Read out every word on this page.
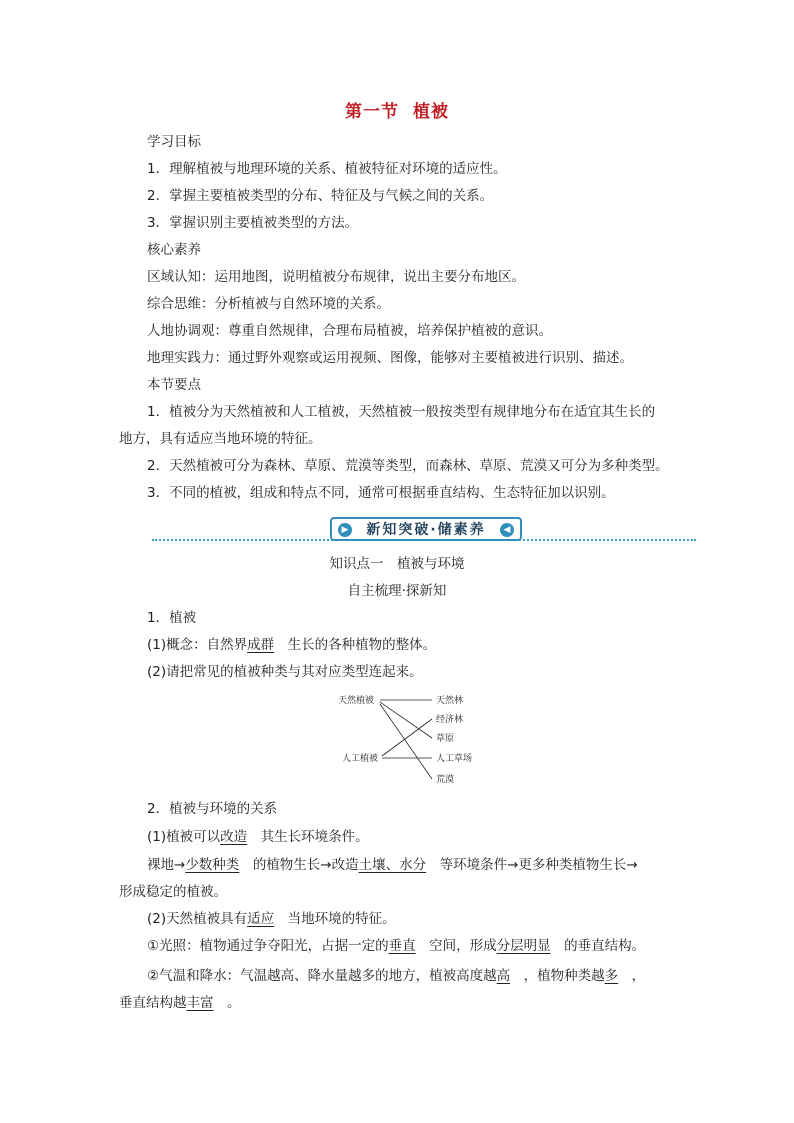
第一节 植被
学习目标
1．理解植被与地理环境的关系、植被特征对环境的适应性。
2．掌握主要植被类型的分布、特征及与气候之间的关系。
3．掌握识别主要植被类型的方法。
核心素养
区域认知：运用地图，说明植被分布规律，说出主要分布地区。
综合思维：分析植被与自然环境的关系。
人地协调观：尊重自然规律，合理布局植被，培养保护植被的意识。
地理实践力：通过野外观察或运用视频、图像，能够对主要植被进行识别、描述。
本节要点
1．植被分为天然植被和人工植被，天然植被一般按类型有规律地分布在适宜其生长的
地方，具有适应当地环境的特征。
2．天然植被可分为森林、草原、荒漠等类型，而森林、草原、荒漠又可分为多种类型。
3．不同的植被，组成和特点不同，通常可根据垂直结构、生态特征加以识别。
▶	新知突破·储素养	◀
知识点一　植被与环境
自主梳理·探新知
1．植被
(1)概念：自然界成群　 生长的各种植物的整体。
(2)请把常见的植被种类与其对应类型连起来。
天然植被
人工植被
天然林
经济林
草原
人工草场
荒漠
2．植被与环境的关系
(1)植被可以改造　 其生长环境条件。
裸地→少数种类　 的植物生长→改造土壤、水分　 等环境条件→更多种类植物生长→
形成稳定的植被。
(2)天然植被具有适应　 当地环境的特征。
①光照：植物通过争夺阳光，占据一定的垂直　 空间，形成分层明显　 的垂直结构。
②气温和降水：气温越高、降水量越多的地方，植被高度越高　 ，植物种类越多　 ，
垂直结构越丰富　 。
